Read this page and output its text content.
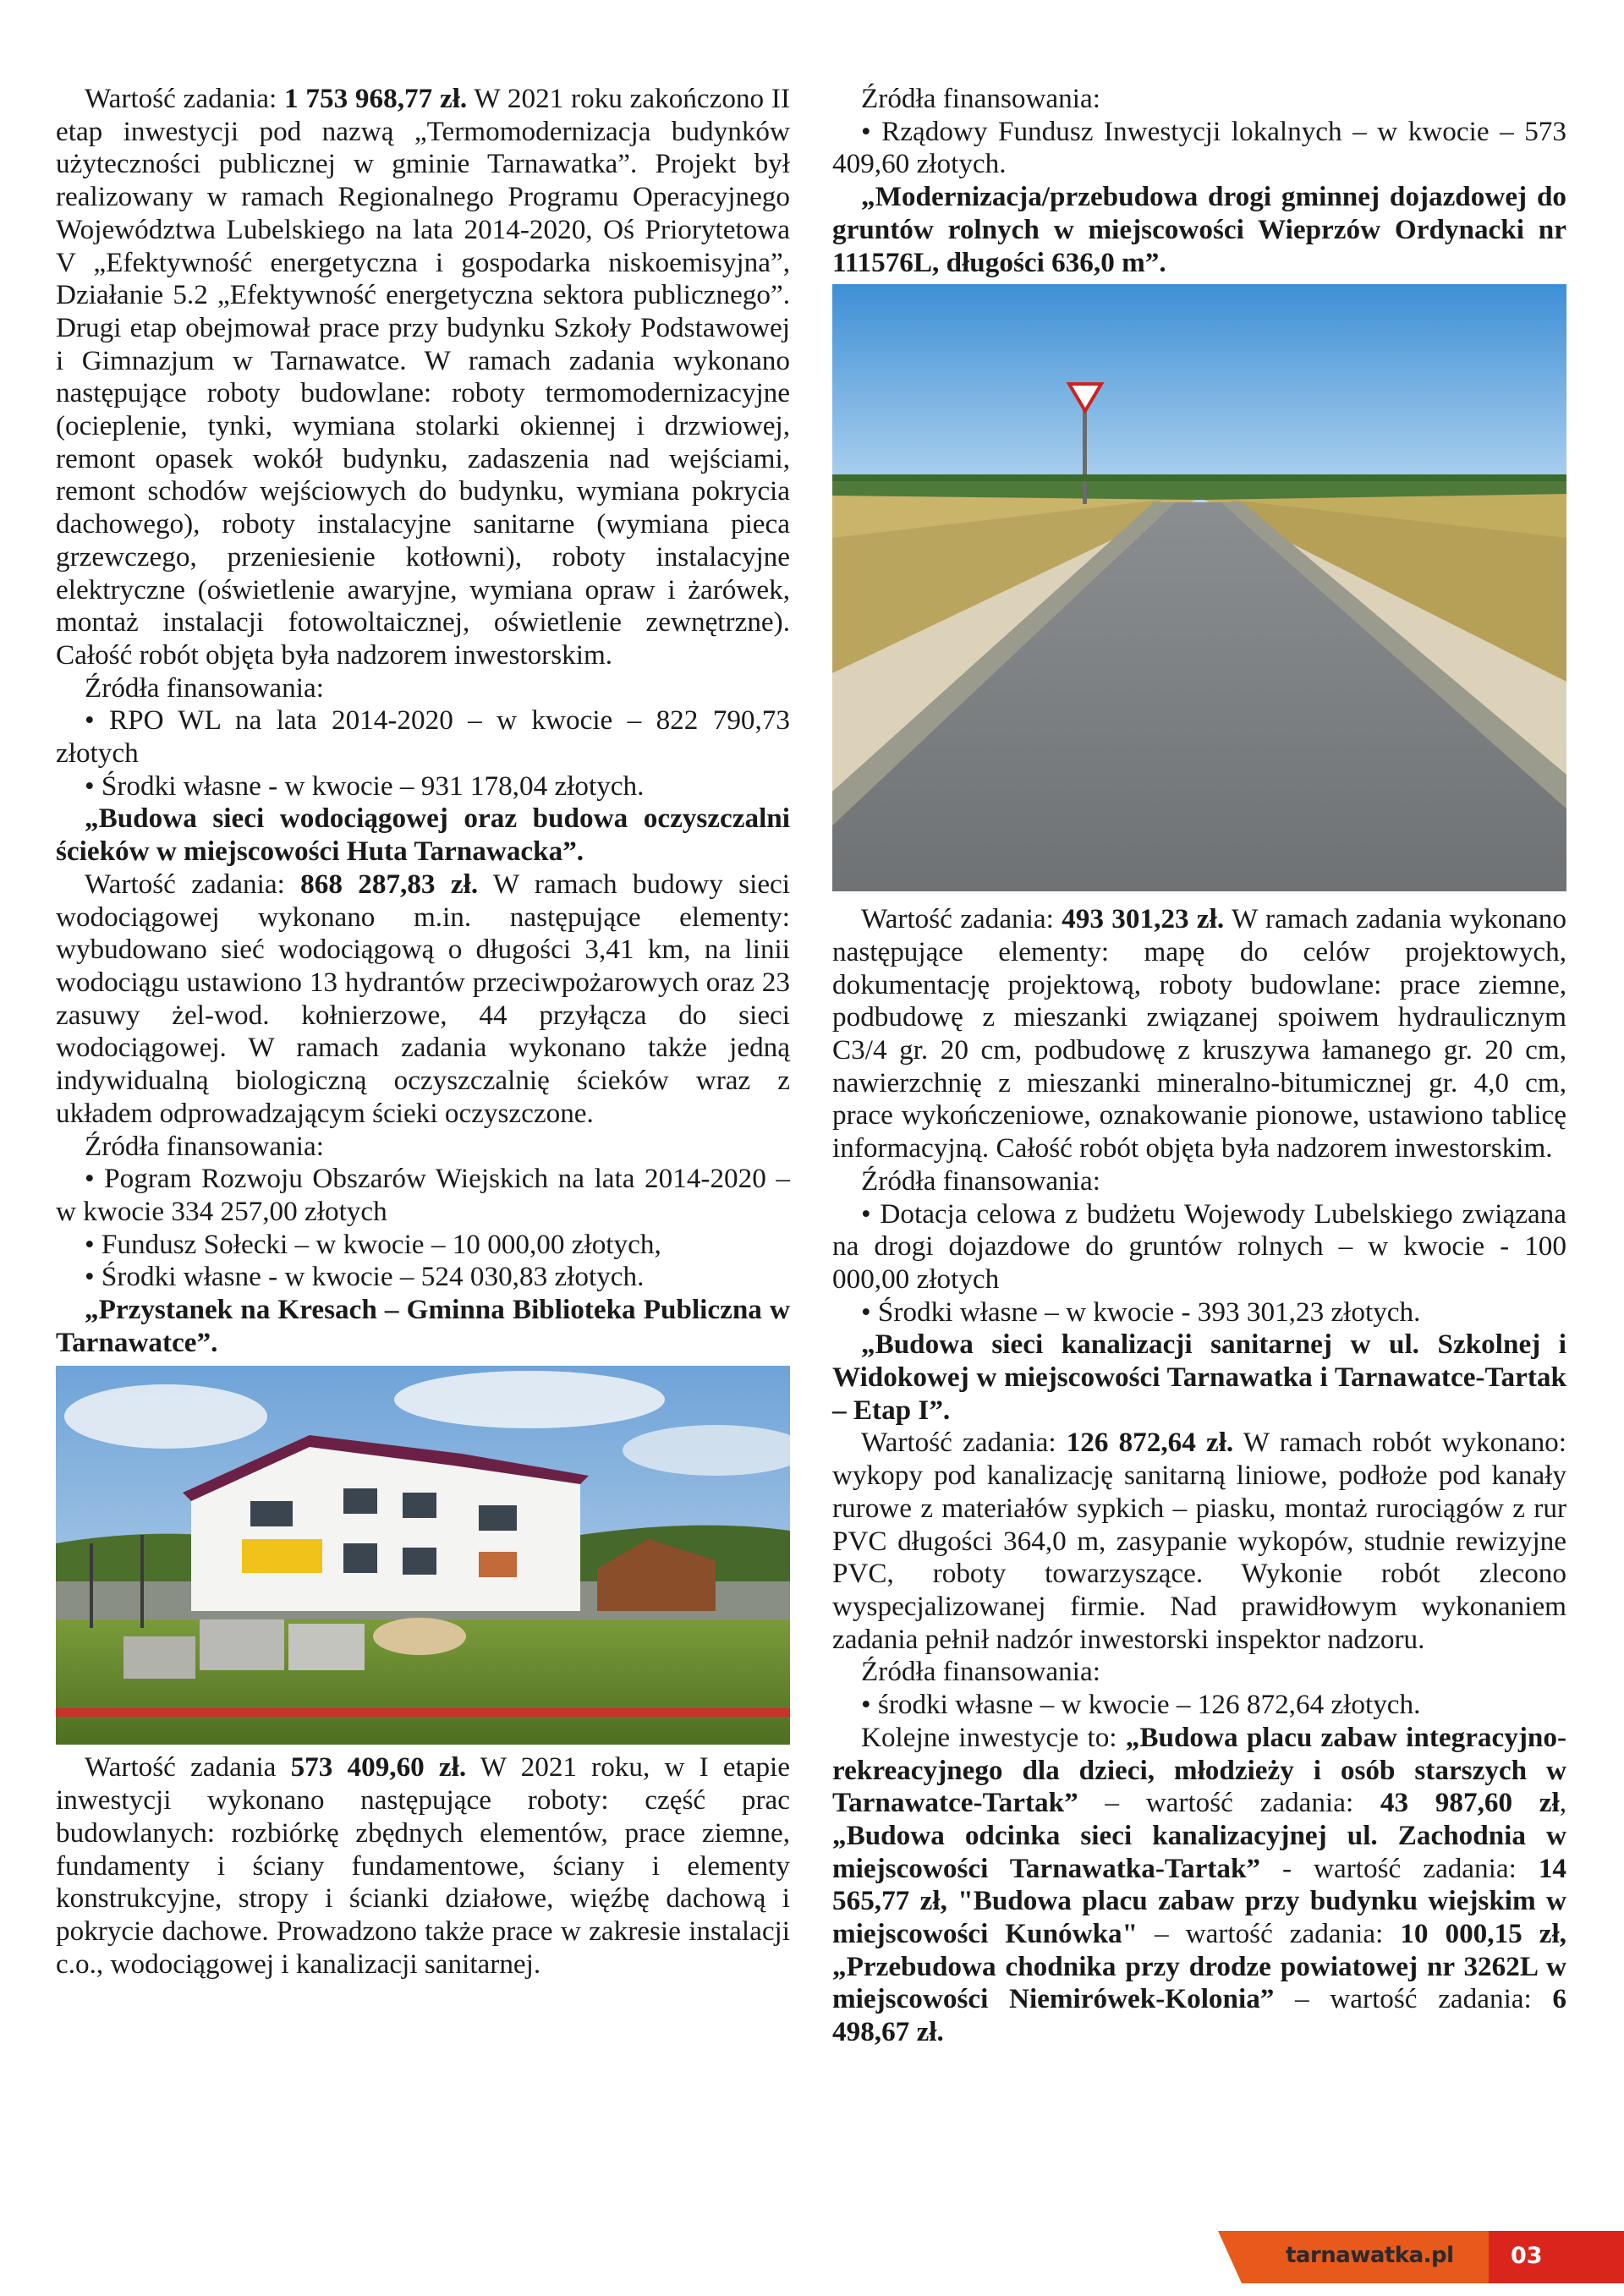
Wartość zadania: 1 753 968,77 zł. W 2021 roku zakończono II etap inwestycji pod nazwą „Termomodernizacja budynków użyteczności publicznej w gminie Tarnawatka”. Projekt był realizowany w ramach Regionalnego Programu Operacyjnego Województwa Lubelskiego na lata 2014-2020, Oś Priorytetowa V „Efektywność energetyczna i gospodarka niskoemisyjna”, Działanie 5.2 „Efektywność energetyczna sektora publicznego”. Drugi etap obejmował prace przy budynku Szkoły Podstawowej i Gimnazjum w Tarnawatce. W ramach zadania wykonano następujące roboty budowlane: roboty termomodernizacyjne (ocieplenie, tynki, wymiana stolarki okiennej i drzwiowej, remont opasek wokół budynku, zadaszenia nad wejściami, remont schodów wejściowych do budynku, wymiana pokrycia dachowego), roboty instalacyjne sanitarne (wymiana pieca grzewczego, przeniesienie kotłowni), roboty instalacyjne elektryczne (oświetlenie awaryjne, wymiana opraw i żarówek, montaż instalacji fotowoltaicznej, oświetlenie zewnętrzne). Całość robót objęta była nadzorem inwestorskim.

Źródła finansowania:

• RPO WL na lata 2014-2020 – w kwocie – 822 790,73 złotych

• Środki własne - w kwocie – 931 178,04 złotych.

„Budowa sieci wodociągowej oraz budowa oczyszczalni ścieków w miejscowości Huta Tarnawacka”.

Wartość zadania: 868 287,83 zł. W ramach budowy sieci wodociągowej wykonano m.in. następujące elementy: wybudowano sieć wodociągową o długości 3,41 km, na linii wodociągu ustawiono 13 hydrantów przeciwpożarowych oraz 23 zasuwy żel-wod. kołnierzowe, 44 przyłącza do sieci wodociągowej. W ramach zadania wykonano także jedną indywidualną biologiczną oczyszczalnię ścieków wraz z układem odprowadzającym ścieki oczyszczone.

Źródła finansowania:

• Pogram Rozwoju Obszarów Wiejskich na lata 2014-2020 – w kwocie 334 257,00 złotych

• Fundusz Sołecki – w kwocie – 10 000,00 złotych,

• Środki własne - w kwocie – 524 030,83 złotych.

„Przystanek na Kresach – Gminna Biblioteka Publiczna w Tarnawatce”.

Wartość zadania 573 409,60 zł. W 2021 roku, w I etapie inwestycji wykonano następujące roboty: część prac budowlanych: rozbiórkę zbędnych elementów, prace ziemne, fundamenty i ściany fundamentowe, ściany i elementy konstrukcyjne, stropy i ścianki działowe, więźbę dachową i pokrycie dachowe. Prowadzono także prace w zakresie instalacji c.o., wodociągowej i kanalizacji sanitarnej.

Źródła finansowania:

• Rządowy Fundusz Inwestycji lokalnych – w kwocie – 573 409,60 złotych.

„Modernizacja/przebudowa drogi gminnej dojazdowej do gruntów rolnych w miejscowości Wieprzów Ordynacki nr 111576L, długości 636,0 m”.

Wartość zadania: 493 301,23 zł. W ramach zadania wykonano następujące elementy: mapę do celów projektowych, dokumentację projektową, roboty budowlane: prace ziemne, podbudowę z mieszanki związanej spoiwem hydraulicznym C3/4 gr. 20 cm, podbudowę z kruszywa łamanego gr. 20 cm, nawierzchnię z mieszanki mineralno-bitumicznej gr. 4,0 cm, prace wykończeniowe, oznakowanie pionowe, ustawiono tablicę informacyjną. Całość robót objęta była nadzorem inwestorskim.

Źródła finansowania:

• Dotacja celowa z budżetu Wojewody Lubelskiego związana na drogi dojazdowe do gruntów rolnych – w kwocie - 100 000,00 złotych

• Środki własne – w kwocie - 393 301,23 złotych.

„Budowa sieci kanalizacji sanitarnej w ul. Szkolnej i Widokowej w miejscowości Tarnawatka i Tarnawatce-Tartak – Etap I”.

Wartość zadania: 126 872,64 zł. W ramach robót wykonano: wykopy pod kanalizację sanitarną liniowe, podłoże pod kanały rurowe z materiałów sypkich – piasku, montaż rurociągów z rur PVC długości 364,0 m, zasypanie wykopów, studnie rewizyjne PVC, roboty towarzyszące. Wykonie robót zlecono wyspecjalizowanej firmie. Nad prawidłowym wykonaniem zadania pełnił nadzór inwestorski inspektor nadzoru.

Źródła finansowania:

• środki własne – w kwocie – 126 872,64 złotych.

Kolejne inwestycje to: „Budowa placu zabaw integracyjno-rekreacyjnego dla dzieci, młodzieży i osób starszych w Tarnawatce-Tartak” – wartość zadania: 43 987,60 zł, „Budowa odcinka sieci kanalizacyjnej ul. Zachodnia w miejscowości Tarnawatka-Tartak” - wartość zadania: 14 565,77 zł, "Budowa placu zabaw przy budynku wiejskim w miejscowości Kunówka" – wartość zadania: 10 000,15 zł, „Przebudowa chodnika przy drodze powiatowej nr 3262L w miejscowości Niemirówek-Kolonia” – wartość zadania: 6 498,67 zł.

tarnawatka.pl 03
